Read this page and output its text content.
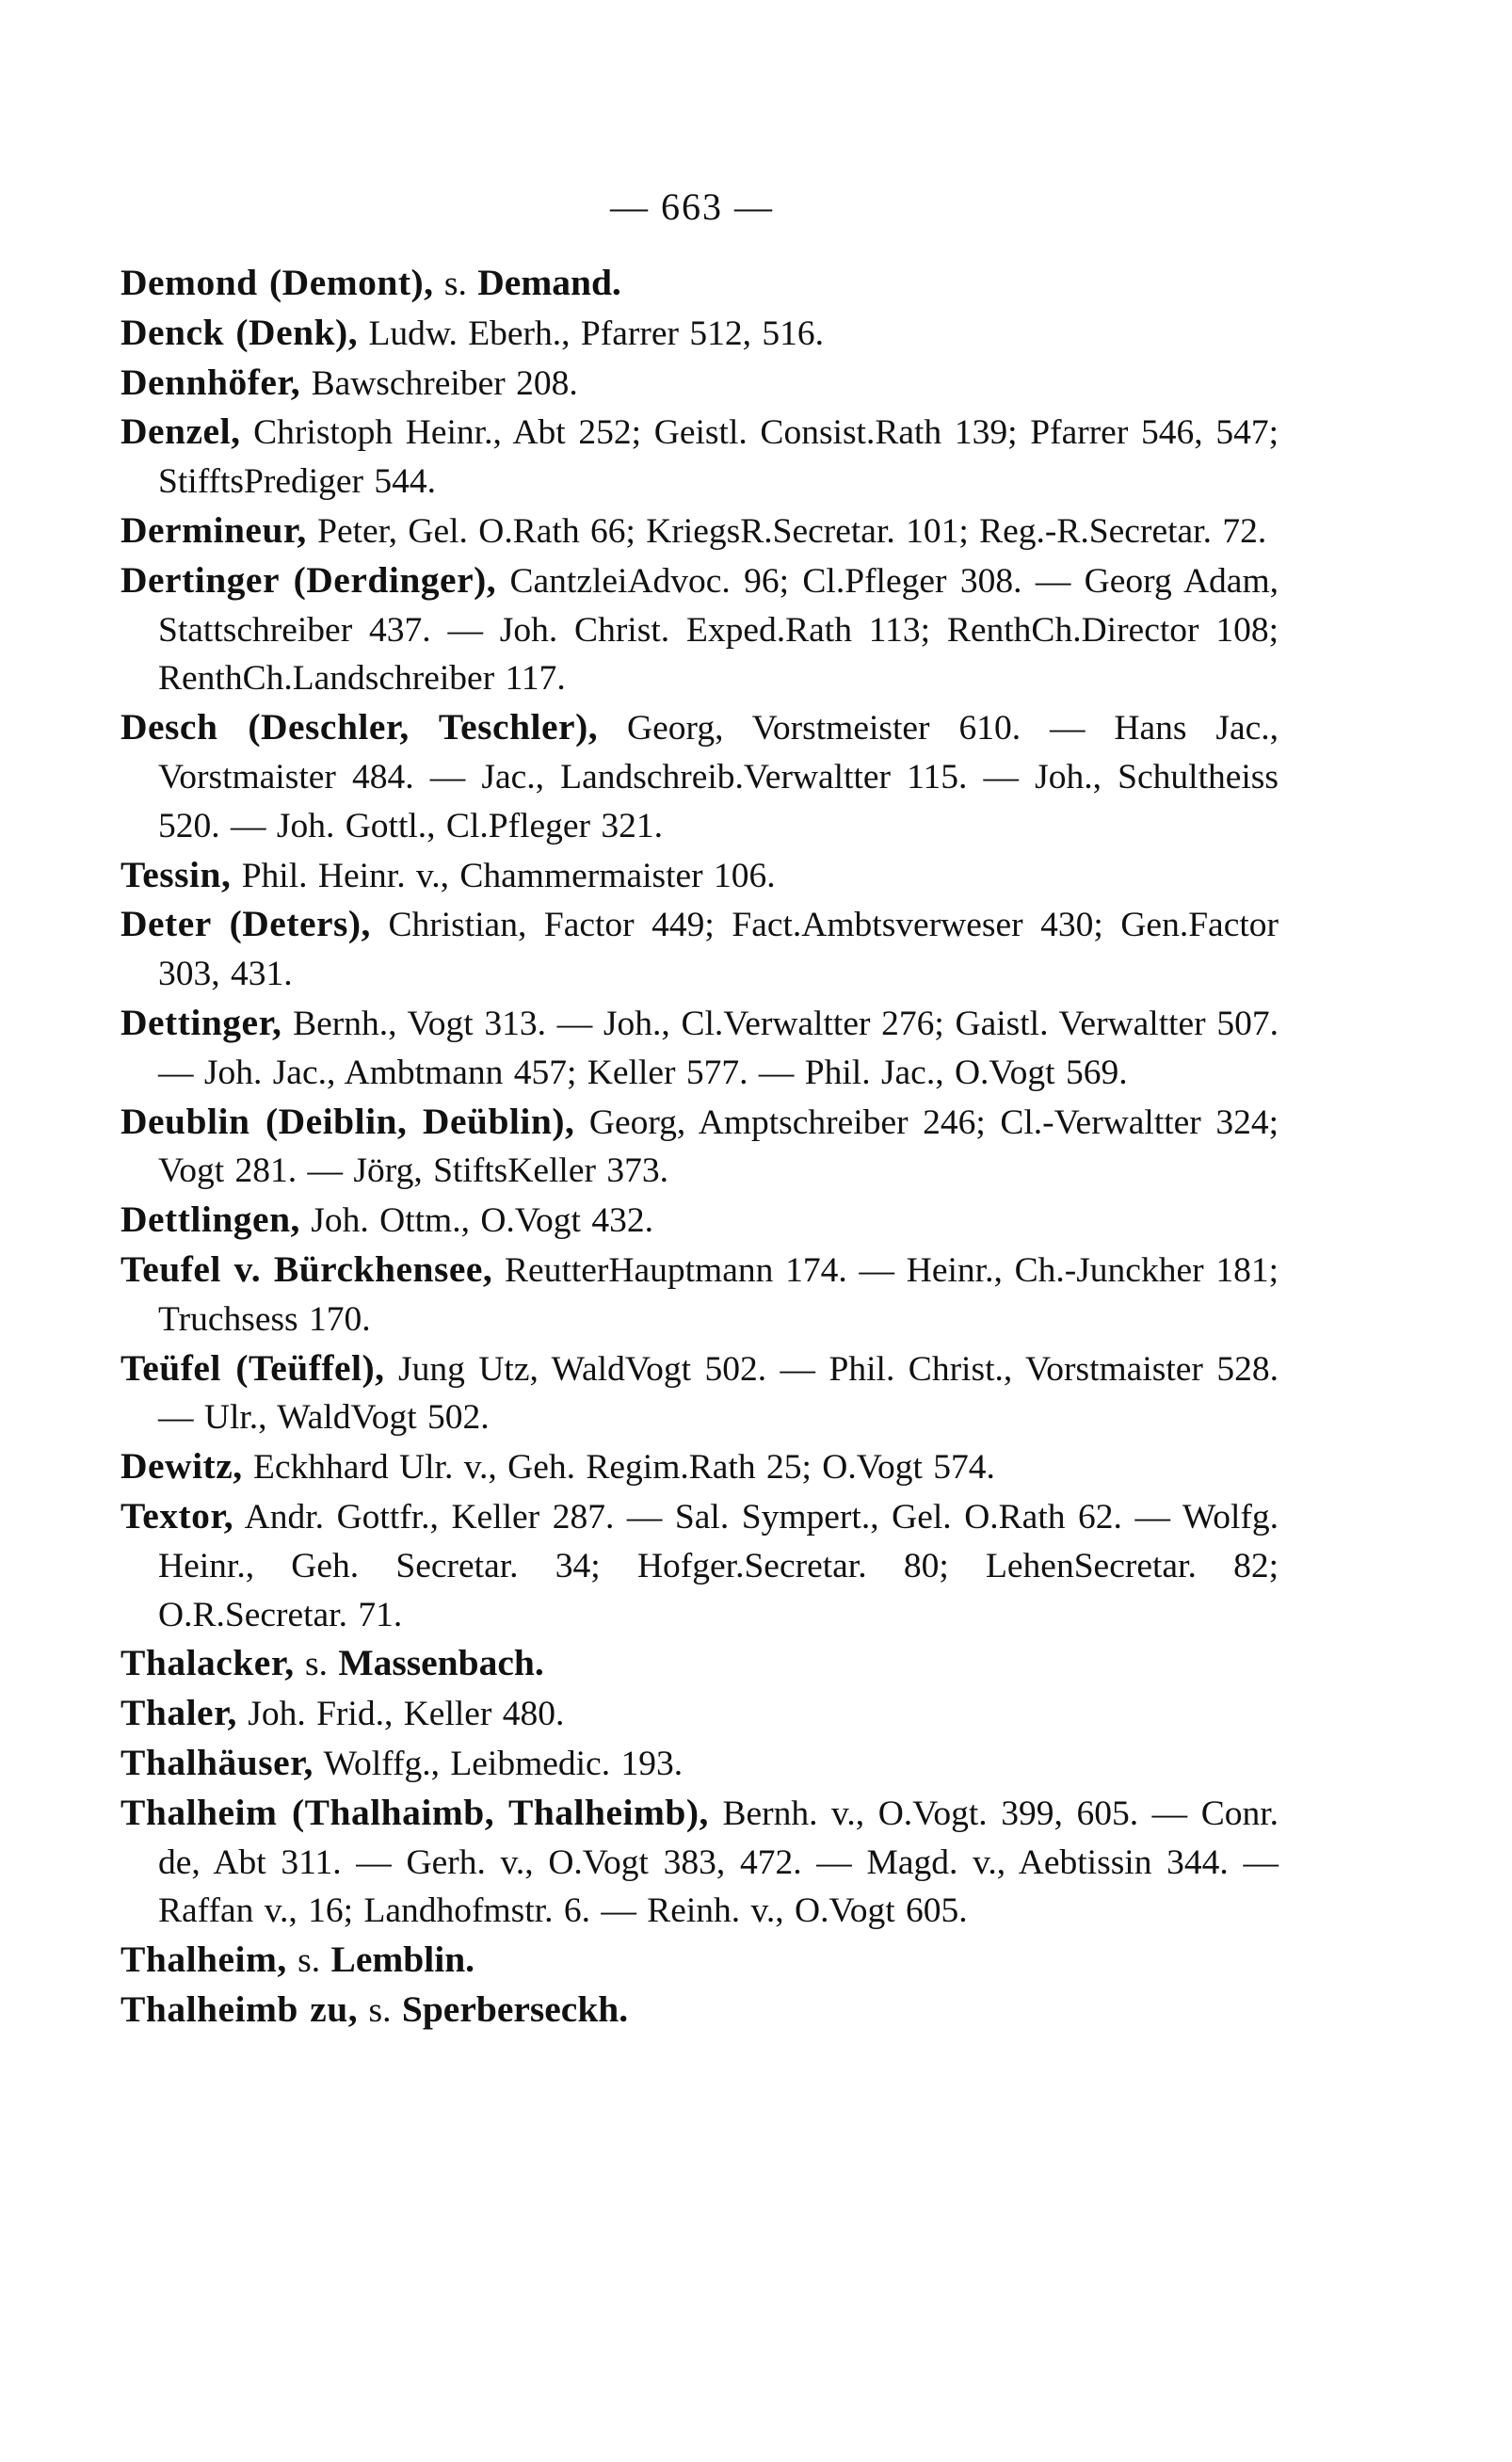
— 663 —
Demond (Demont), s. Demand.
Denck (Denk), Ludw. Eberh., Pfarrer 512, 516.
Dennhöfer, Bawschreiber 208.
Denzel, Christoph Heinr., Abt 252; Geistl. Consist.Rath 139; Pfarrer 546, 547; StifftsPrediger 544.
Dermineur, Peter, Gel. O.Rath 66; KriegsR.Secretar. 101; Reg.-R.Secretar. 72.
Dertinger (Derdinger), CantzleiAdvoc. 96; Cl.Pfleger 308. — Georg Adam, Stattschreiber 437. — Joh. Christ. Exped.Rath 113; RenthCh.Director 108; RenthCh.Landschreiber 117.
Desch (Deschler, Teschler), Georg, Vorstmeister 610. — Hans Jac., Vorstmaister 484. — Jac., Landschreib.Verwaltter 115. — Joh., Schultheiss 520. — Joh. Gottl., Cl.Pfleger 321.
Tessin, Phil. Heinr. v., Chammermaister 106.
Deter (Deters), Christian, Factor 449; Fact.Ambtsverweser 430; Gen.Factor 303, 431.
Dettinger, Bernh., Vogt 313. — Joh., Cl.Verwaltter 276; Gaistl. Verwaltter 507. — Joh. Jac., Ambtmann 457; Keller 577. — Phil. Jac., O.Vogt 569.
Deublin (Deiblin, Deüblin), Georg, Amptschreiber 246; Cl.-Verwaltter 324; Vogt 281. — Jörg, StiftsKeller 373.
Dettlingen, Joh. Ottm., O.Vogt 432.
Teufel v. Bürckhensee, ReutterHauptmann 174. — Heinr., Ch.-Junckher 181; Truchsess 170.
Teüfel (Teüffel), Jung Utz, WaldVogt 502. — Phil. Christ., Vorstmaister 528. — Ulr., WaldVogt 502.
Dewitz, Eckhhard Ulr. v., Geh. Regim.Rath 25; O.Vogt 574.
Textor, Andr. Gottfr., Keller 287. — Sal. Sympert., Gel. O.Rath 62. — Wolfg. Heinr., Geh. Secretar. 34; Hofger.Secretar. 80; LehenSecretar. 82; O.R.Secretar. 71.
Thalacker, s. Massenbach.
Thaler, Joh. Frid., Keller 480.
Thalhäuser, Wolffg., Leibmedic. 193.
Thalheim (Thalhaimb, Thalheimb), Bernh. v., O.Vogt. 399, 605. — Conr. de, Abt 311. — Gerh. v., O.Vogt 383, 472. — Magd. v., Aebtissin 344. — Raffan v., 16; Landhofmstr. 6. — Reinh. v., O.Vogt 605.
Thalheim, s. Lemblin.
Thalheimb zu, s. Sperberseckh.
